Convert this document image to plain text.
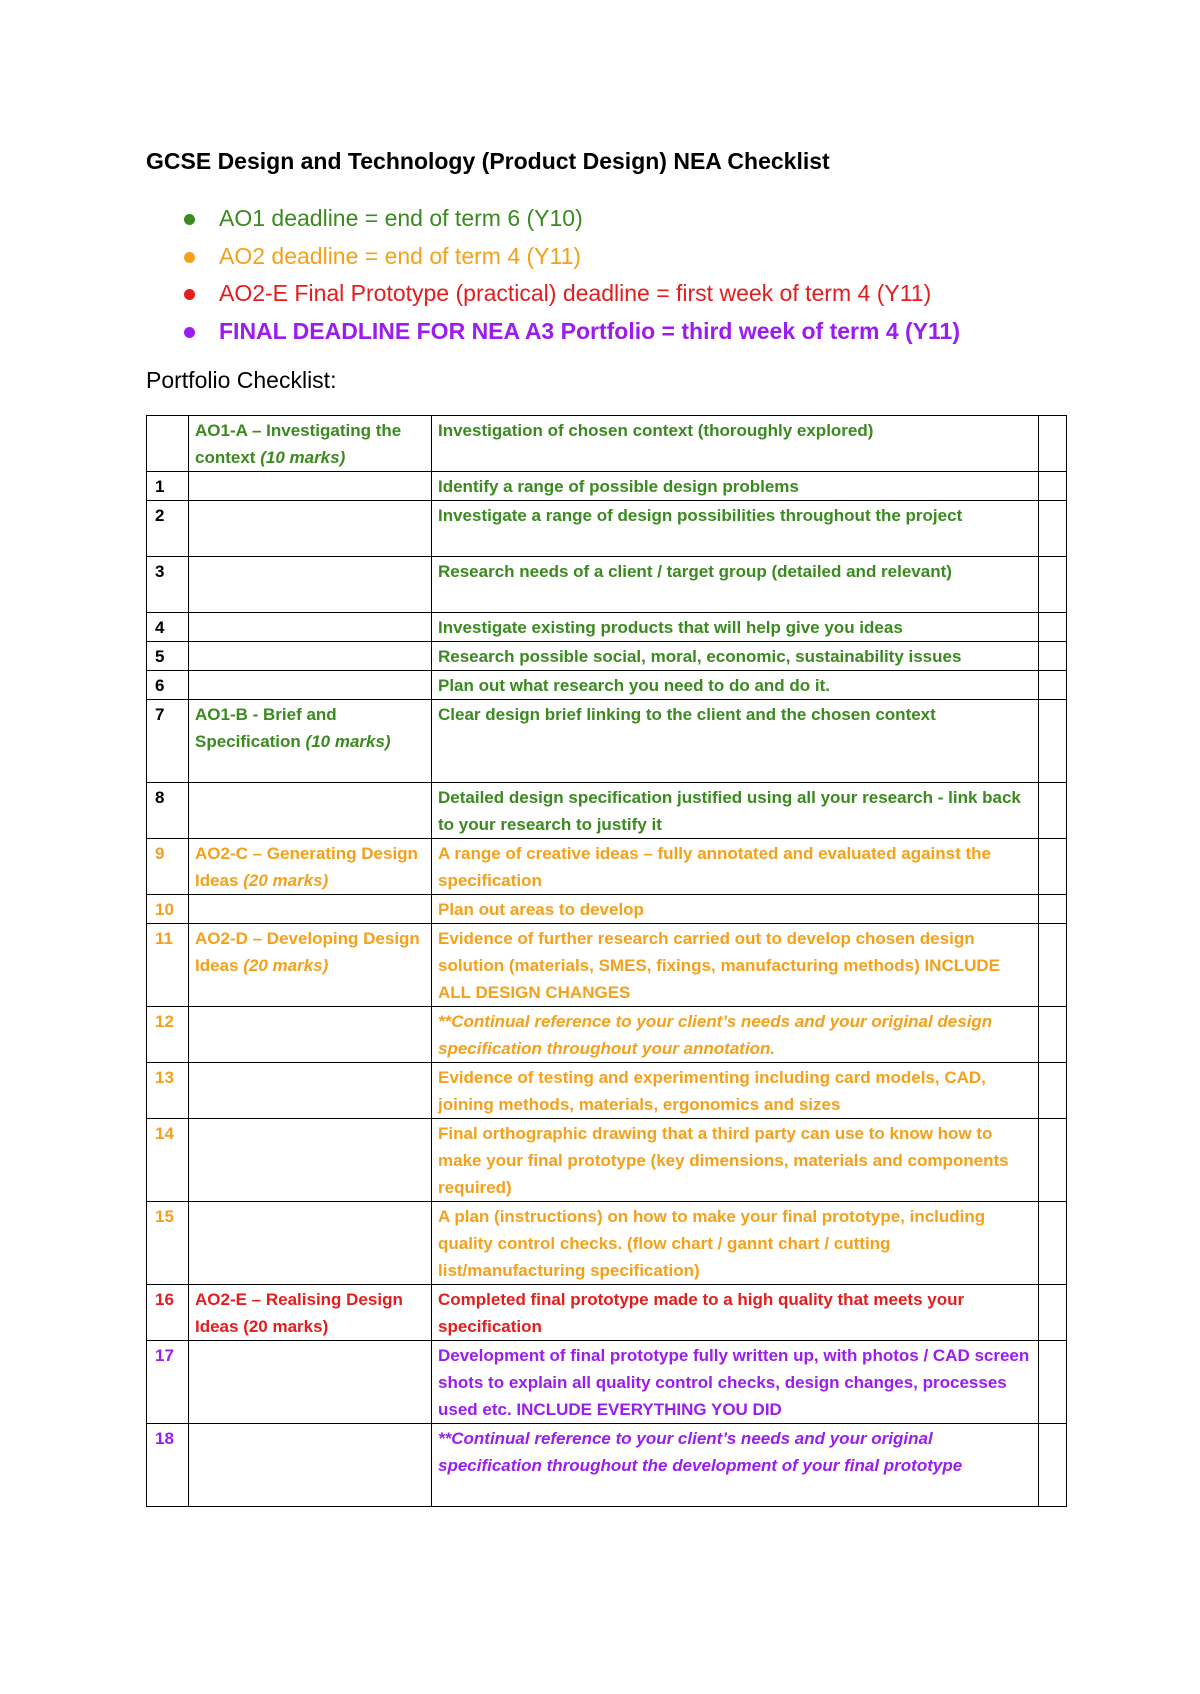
GCSE Design and Technology (Product Design) NEA Checklist
AO1 deadline = end of term 6 (Y10)
AO2 deadline = end of term 4 (Y11)
AO2-E Final Prototype (practical) deadline = first week of term 4 (Y11)
FINAL DEADLINE FOR NEA A3 Portfolio = third week of term 4 (Y11)

Portfolio Checklist:

	AO1-A – Investigating the context (10 marks)	Investigation of chosen context (thoroughly explored)	
1		Identify a range of possible design problems	
2		Investigate a range of design possibilities throughout the project	
3		Research needs of a client / target group (detailed and relevant)	
4		Investigate existing products that will help give you ideas	
5		Research possible social, moral, economic, sustainability issues	
6		Plan out what research you need to do and do it.	
7	AO1-B - Brief and Specification (10 marks)	Clear design brief linking to the client and the chosen context	
8		Detailed design specification justified using all your research - link back to your research to justify it	
9	AO2-C – Generating Design Ideas (20 marks)	A range of creative ideas – fully annotated and evaluated against the specification	
10		Plan out areas to develop	
11	AO2-D – Developing Design Ideas (20 marks)	Evidence of further research carried out to develop chosen design solution (materials, SMES, fixings, manufacturing methods) INCLUDE ALL DESIGN CHANGES	
12		**Continual reference to your client’s needs and your original design specification throughout your annotation.	
13		Evidence of testing and experimenting including card models, CAD, joining methods, materials, ergonomics and sizes	
14		Final orthographic drawing that a third party can use to know how to make your final prototype (key dimensions, materials and components required)	
15		A plan (instructions) on how to make your final prototype, including quality control checks. (flow chart / gannt chart / cutting list/manufacturing specification)	
16	AO2-E – Realising Design Ideas (20 marks)	Completed final prototype made to a high quality that meets your specification	
17		Development of final prototype fully written up, with photos / CAD screen shots to explain all quality control checks, design changes, processes used etc. INCLUDE EVERYTHING YOU DID	
18		**Continual reference to your client’s needs and your original specification throughout the development of your final prototype	
